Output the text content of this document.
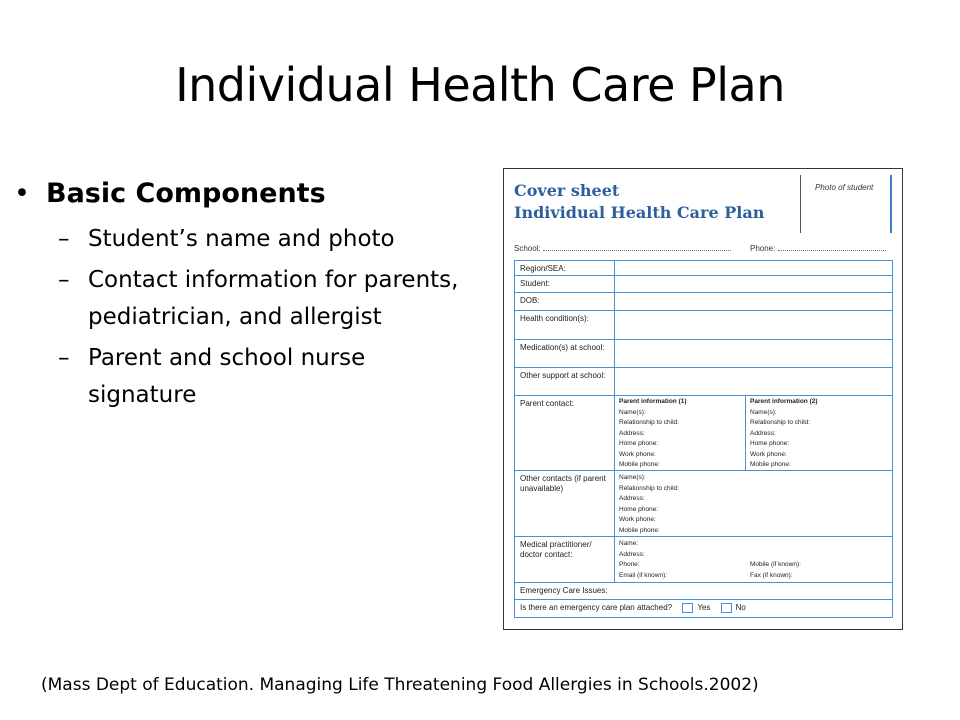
Individual Health Care Plan
• Basic Components
– Student’s name and photo
– Contact information for parents, pediatrician, and allergist
– Parent and school nurse signature
Cover sheet
Individual Health Care Plan
Photo of student
School:	Phone:
Region/SEA:
Student:
DOB:
Health condition(s):
Medication(s) at school:
Other support at school:
Parent contact:	Parent information (1)
Name(s):
Relationship to child:
Address:
Home phone:
Work phone:
Mobile phone:
Parent information (2)
Name(s):
Relationship to child:
Address:
Home phone:
Work phone:
Mobile phone:
Other contacts (if parent unavailable)
Name(s):
Relationship to child:
Address:
Home phone:
Work phone:
Mobile phone:
Medical practitioner/ doctor contact:
Name:
Address:
Phone:
Email (if known):
Mobile (if known):
Fax (if known):
Emergency Care Issues:
Is there an emergency care plan attached?	Yes	No
(Mass Dept of Education. Managing Life Threatening Food Allergies in Schools.2002)
